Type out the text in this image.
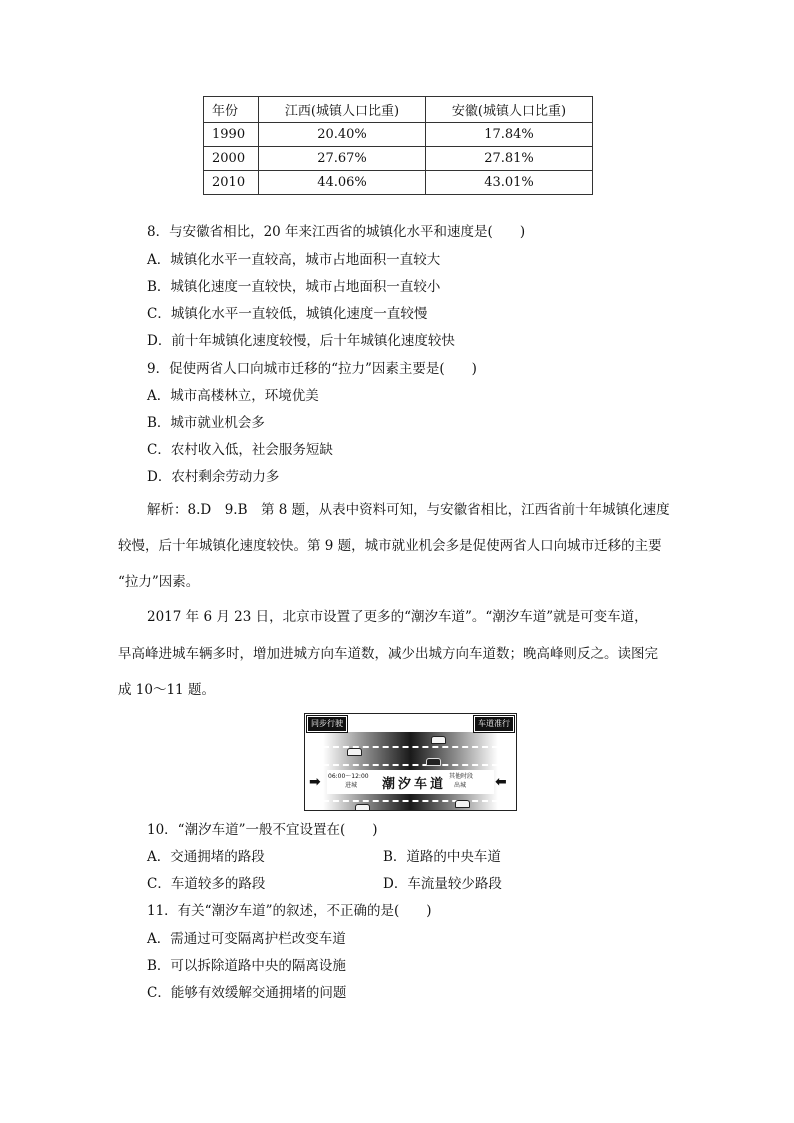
年份	江西(城镇人口比重)	安徽(城镇人口比重)
1990	20.40%	17.84%
2000	27.67%	27.81%
2010	44.06%	43.01%
8．与安徽省相比，20 年来江西省的城镇化水平和速度是(　　)
A．城镇化水平一直较高，城市占地面积一直较大
B．城镇化速度一直较快，城市占地面积一直较小
C．城镇化水平一直较低，城镇化速度一直较慢
D．前十年城镇化速度较慢，后十年城镇化速度较快
9．促使两省人口向城市迁移的“拉力”因素主要是(　　)
A．城市高楼林立，环境优美
B．城市就业机会多
C．农村收入低，社会服务短缺
D．农村剩余劳动力多
解析：8.D　9.B　第 8 题，从表中资料可知，与安徽省相比，江西省前十年城镇化速度
较慢，后十年城镇化速度较快。第 9 题，城市就业机会多是促使两省人口向城市迁移的主要
“拉力”因素。
2017 年 6 月 23 日，北京市设置了更多的“潮汐车道”。“潮汐车道”就是可变车道，
早高峰进城车辆多时，增加进城方向车道数，减少出城方向车道数；晚高峰则反之。读图完
成 10～11 题。
同步行驶	车道准行
06:00～12:00
进城 潮汐车道
其他时段
出城
➡	⬅
10．“潮汐车道”一般不宜设置在(　　)
A．交通拥堵的路段	B．道路的中央车道
C．车道较多的路段	D．车流量较少路段
11．有关“潮汐车道”的叙述，不正确的是(　　)
A．需通过可变隔离护栏改变车道
B．可以拆除道路中央的隔离设施
C．能够有效缓解交通拥堵的问题
